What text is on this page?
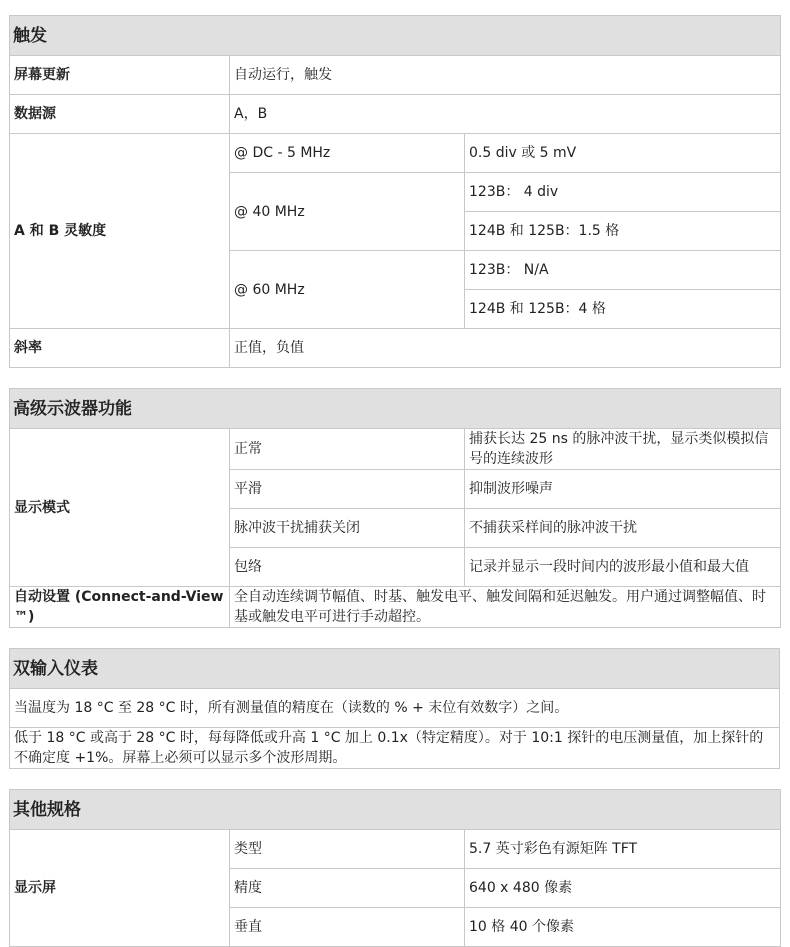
触发		
屏幕更新	自动运行，触发	
数据源	A，B	
A 和 B 灵敏度	@ DC - 5 MHz	0.5 div 或 5 mV
	@ 40 MHz	123B： 4 div
		124B 和 125B：1.5 格
	@ 60 MHz	123B： N/A
		124B 和 125B：4 格
斜率	正值，负值	
高级示波器功能		
显示模式	正常	捕获长达 25 ns 的脉冲波干扰，显示类似模拟信号的连续波形
	平滑	抑制波形噪声
	脉冲波干扰捕获关闭	不捕获采样间的脉冲波干扰
	包络	记录并显示一段时间内的波形最小值和最大值
自动设置 (Connect-and-View ™)	全自动连续调节幅值、时基、触发电平、触发间隔和延迟触发。用户通过调整幅值、时基或触发电平可进行手动超控。	
双输入仪表
当温度为 18 °C 至 28 °C 时，所有测量值的精度在（读数的 % + 末位有效数字）之间。
低于 18 °C 或高于 28 °C 时，每每降低或升高 1 °C 加上 0.1x（特定精度）。对于 10:1 探针的电压测量值，加上探针的不确定度 +1%。屏幕上必须可以显示多个波形周期。
其他规格		
显示屏	类型	5.7 英寸彩色有源矩阵 TFT
	精度	640 x 480 像素
	垂直	10 格 40 个像素
